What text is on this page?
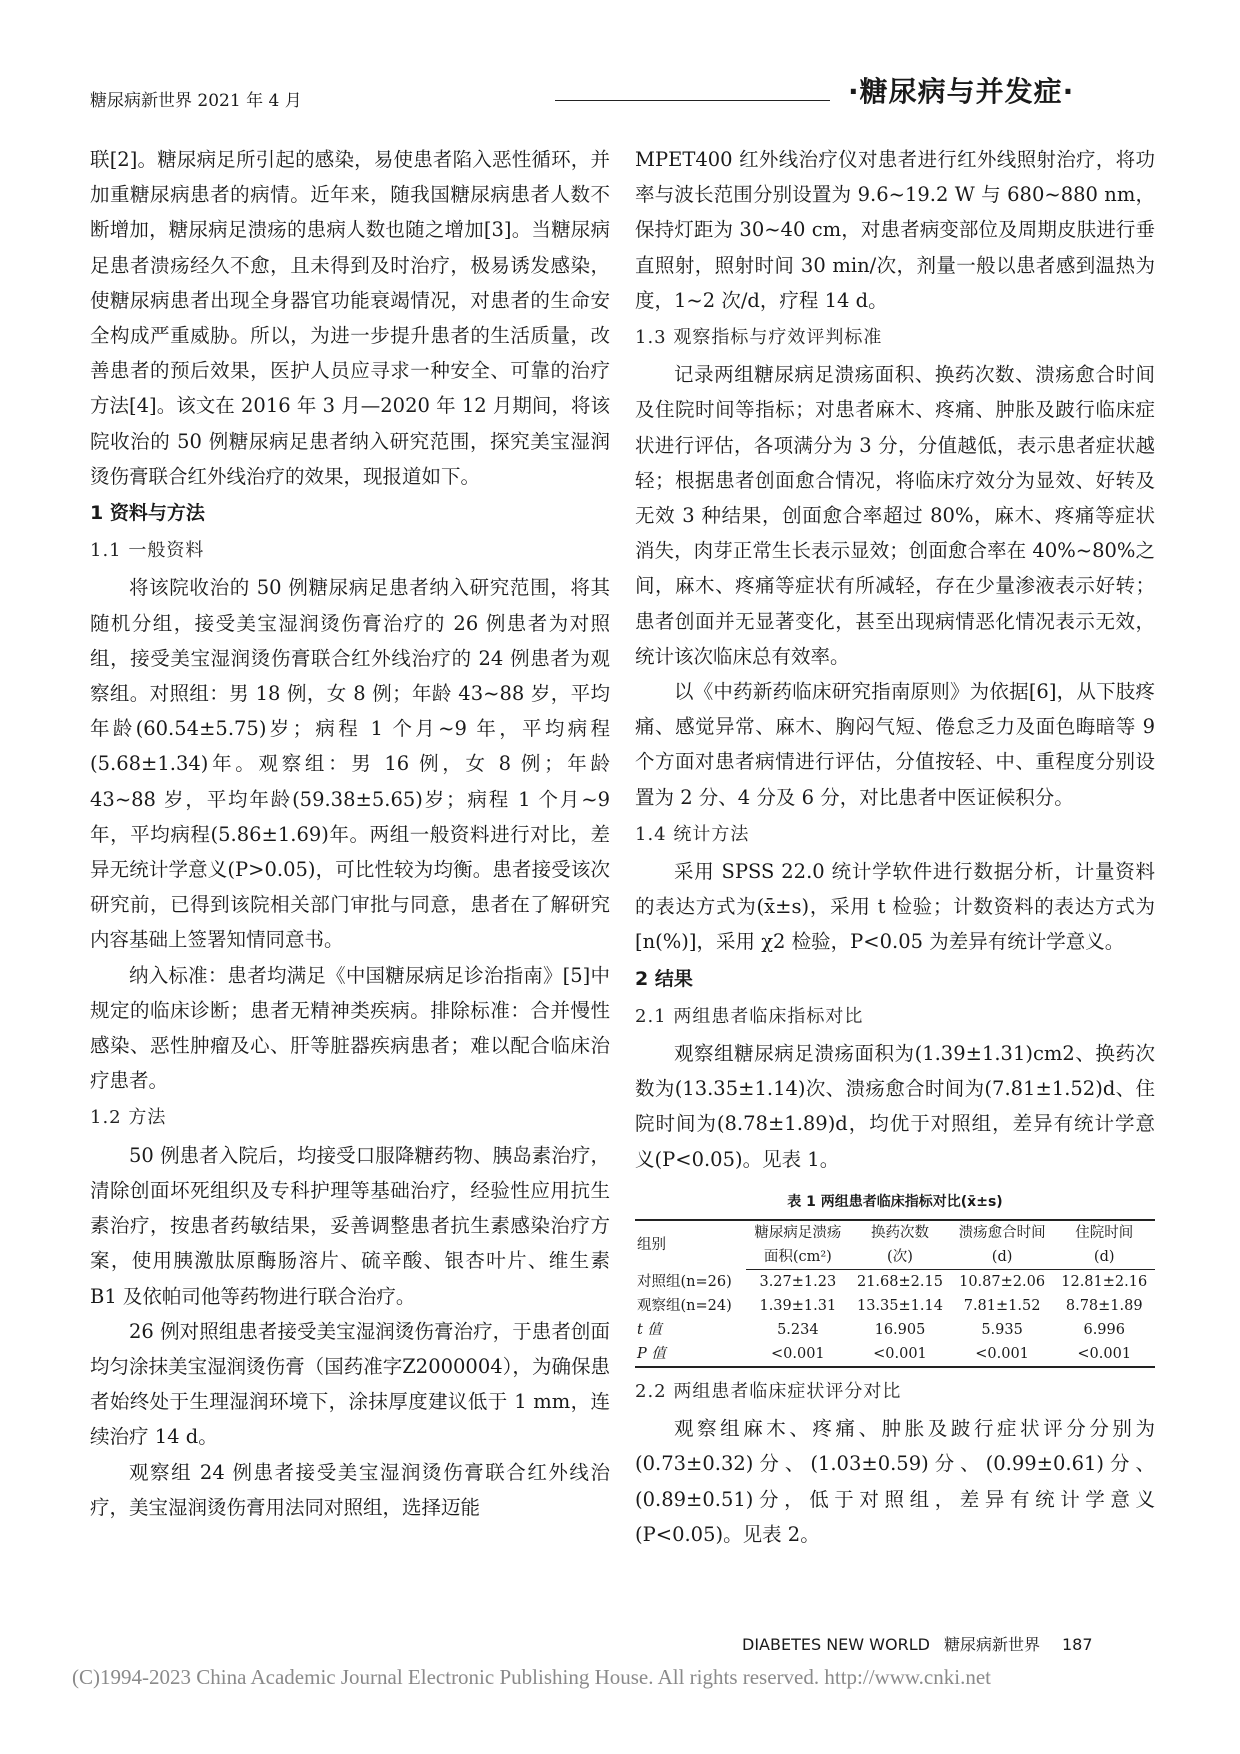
糖尿病新世界 2021 年 4 月	·糖尿病与并发症·

联[2]。糖尿病足所引起的感染，易使患者陷入恶性循环，并加重糖尿病患者的病情。近年来，随我国糖尿病患者人数不断增加，糖尿病足溃疡的患病人数也随之增加[3]。当糖尿病足患者溃疡经久不愈，且未得到及时治疗，极易诱发感染，使糖尿病患者出现全身器官功能衰竭情况，对患者的生命安全构成严重威胁。所以，为进一步提升患者的生活质量，改善患者的预后效果，医护人员应寻求一种安全、可靠的治疗方法[4]。该文在 2016 年 3 月—2020 年 12 月期间，将该院收治的 50 例糖尿病足患者纳入研究范围，探究美宝湿润烫伤膏联合红外线治疗的效果，现报道如下。

1 资料与方法

1.1 一般资料

将该院收治的 50 例糖尿病足患者纳入研究范围，将其随机分组，接受美宝湿润烫伤膏治疗的 26 例患者为对照组，接受美宝湿润烫伤膏联合红外线治疗的 24 例患者为观察组。对照组：男 18 例，女 8 例；年龄 43~88 岁，平均年龄(60.54±5.75)岁；病程 1 个月~9 年，平均病程(5.68±1.34)年。观察组：男 16 例，女 8 例；年龄 43~88 岁，平均年龄(59.38±5.65)岁；病程 1 个月~9 年，平均病程(5.86±1.69)年。两组一般资料进行对比，差异无统计学意义(P>0.05)，可比性较为均衡。患者接受该次研究前，已得到该院相关部门审批与同意，患者在了解研究内容基础上签署知情同意书。

纳入标准：患者均满足《中国糖尿病足诊治指南》[5]中规定的临床诊断；患者无精神类疾病。排除标准：合并慢性感染、恶性肿瘤及心、肝等脏器疾病患者；难以配合临床治疗患者。

1.2 方法

50 例患者入院后，均接受口服降糖药物、胰岛素治疗，清除创面坏死组织及专科护理等基础治疗，经验性应用抗生素治疗，按患者药敏结果，妥善调整患者抗生素感染治疗方案，使用胰激肽原酶肠溶片、硫辛酸、银杏叶片、维生素 B1 及依帕司他等药物进行联合治疗。

26 例对照组患者接受美宝湿润烫伤膏治疗，于患者创面均匀涂抹美宝湿润烫伤膏（国药准字Z2000004），为确保患者始终处于生理湿润环境下，涂抹厚度建议低于 1 mm，连续治疗 14 d。

观察组 24 例患者接受美宝湿润烫伤膏联合红外线治疗，美宝湿润烫伤膏用法同对照组，选择迈能

MPET400 红外线治疗仪对患者进行红外线照射治疗，将功率与波长范围分别设置为 9.6~19.2 W 与 680~880 nm，保持灯距为 30~40 cm，对患者病变部位及周期皮肤进行垂直照射，照射时间 30 min/次，剂量一般以患者感到温热为度，1~2 次/d，疗程 14 d。

1.3 观察指标与疗效评判标准

记录两组糖尿病足溃疡面积、换药次数、溃疡愈合时间及住院时间等指标；对患者麻木、疼痛、肿胀及跛行临床症状进行评估，各项满分为 3 分，分值越低，表示患者症状越轻；根据患者创面愈合情况，将临床疗效分为显效、好转及无效 3 种结果，创面愈合率超过 80%，麻木、疼痛等症状消失，肉芽正常生长表示显效；创面愈合率在 40%~80%之间，麻木、疼痛等症状有所减轻，存在少量渗液表示好转；患者创面并无显著变化，甚至出现病情恶化情况表示无效，统计该次临床总有效率。

以《中药新药临床研究指南原则》为依据[6]，从下肢疼痛、感觉异常、麻木、胸闷气短、倦怠乏力及面色晦暗等 9 个方面对患者病情进行评估，分值按轻、中、重程度分别设置为 2 分、4 分及 6 分，对比患者中医证候积分。

1.4 统计方法

采用 SPSS 22.0 统计学软件进行数据分析，计量资料的表达方式为(x̄±s)，采用 t 检验；计数资料的表达方式为[n(%)]，采用 χ2 检验，P<0.05 为差异有统计学意义。

2 结果

2.1 两组患者临床指标对比

观察组糖尿病足溃疡面积为(1.39±1.31)cm2、换药次数为(13.35±1.14)次、溃疡愈合时间为(7.81±1.52)d、住院时间为(8.78±1.89)d，均优于对照组，差异有统计学意义(P<0.05)。见表 1。

表 1 两组患者临床指标对比(x̄±s)
组别	糖尿病足溃疡	换药次数	溃疡愈合时间	住院时间
	面积(cm²)	(次)	(d)	(d)
对照组(n=26)	3.27±1.23	21.68±2.15	10.87±2.06	12.81±2.16
观察组(n=24)	1.39±1.31	13.35±1.14	7.81±1.52	8.78±1.89
t 值	5.234	16.905	5.935	6.996
P 值	<0.001	<0.001	<0.001	<0.001

2.2 两组患者临床症状评分对比

观察组麻木、疼痛、肿胀及跛行症状评分分别为(0.73±0.32)分、(1.03±0.59)分、(0.99±0.61)分、(0.89±0.51)分，低于对照组，差异有统计学意义(P<0.05)。见表 2。

DIABETES NEW WORLD 糖尿病新世界 187
(C)1994-2023 China Academic Journal Electronic Publishing House. All rights reserved. http://www.cnki.net
